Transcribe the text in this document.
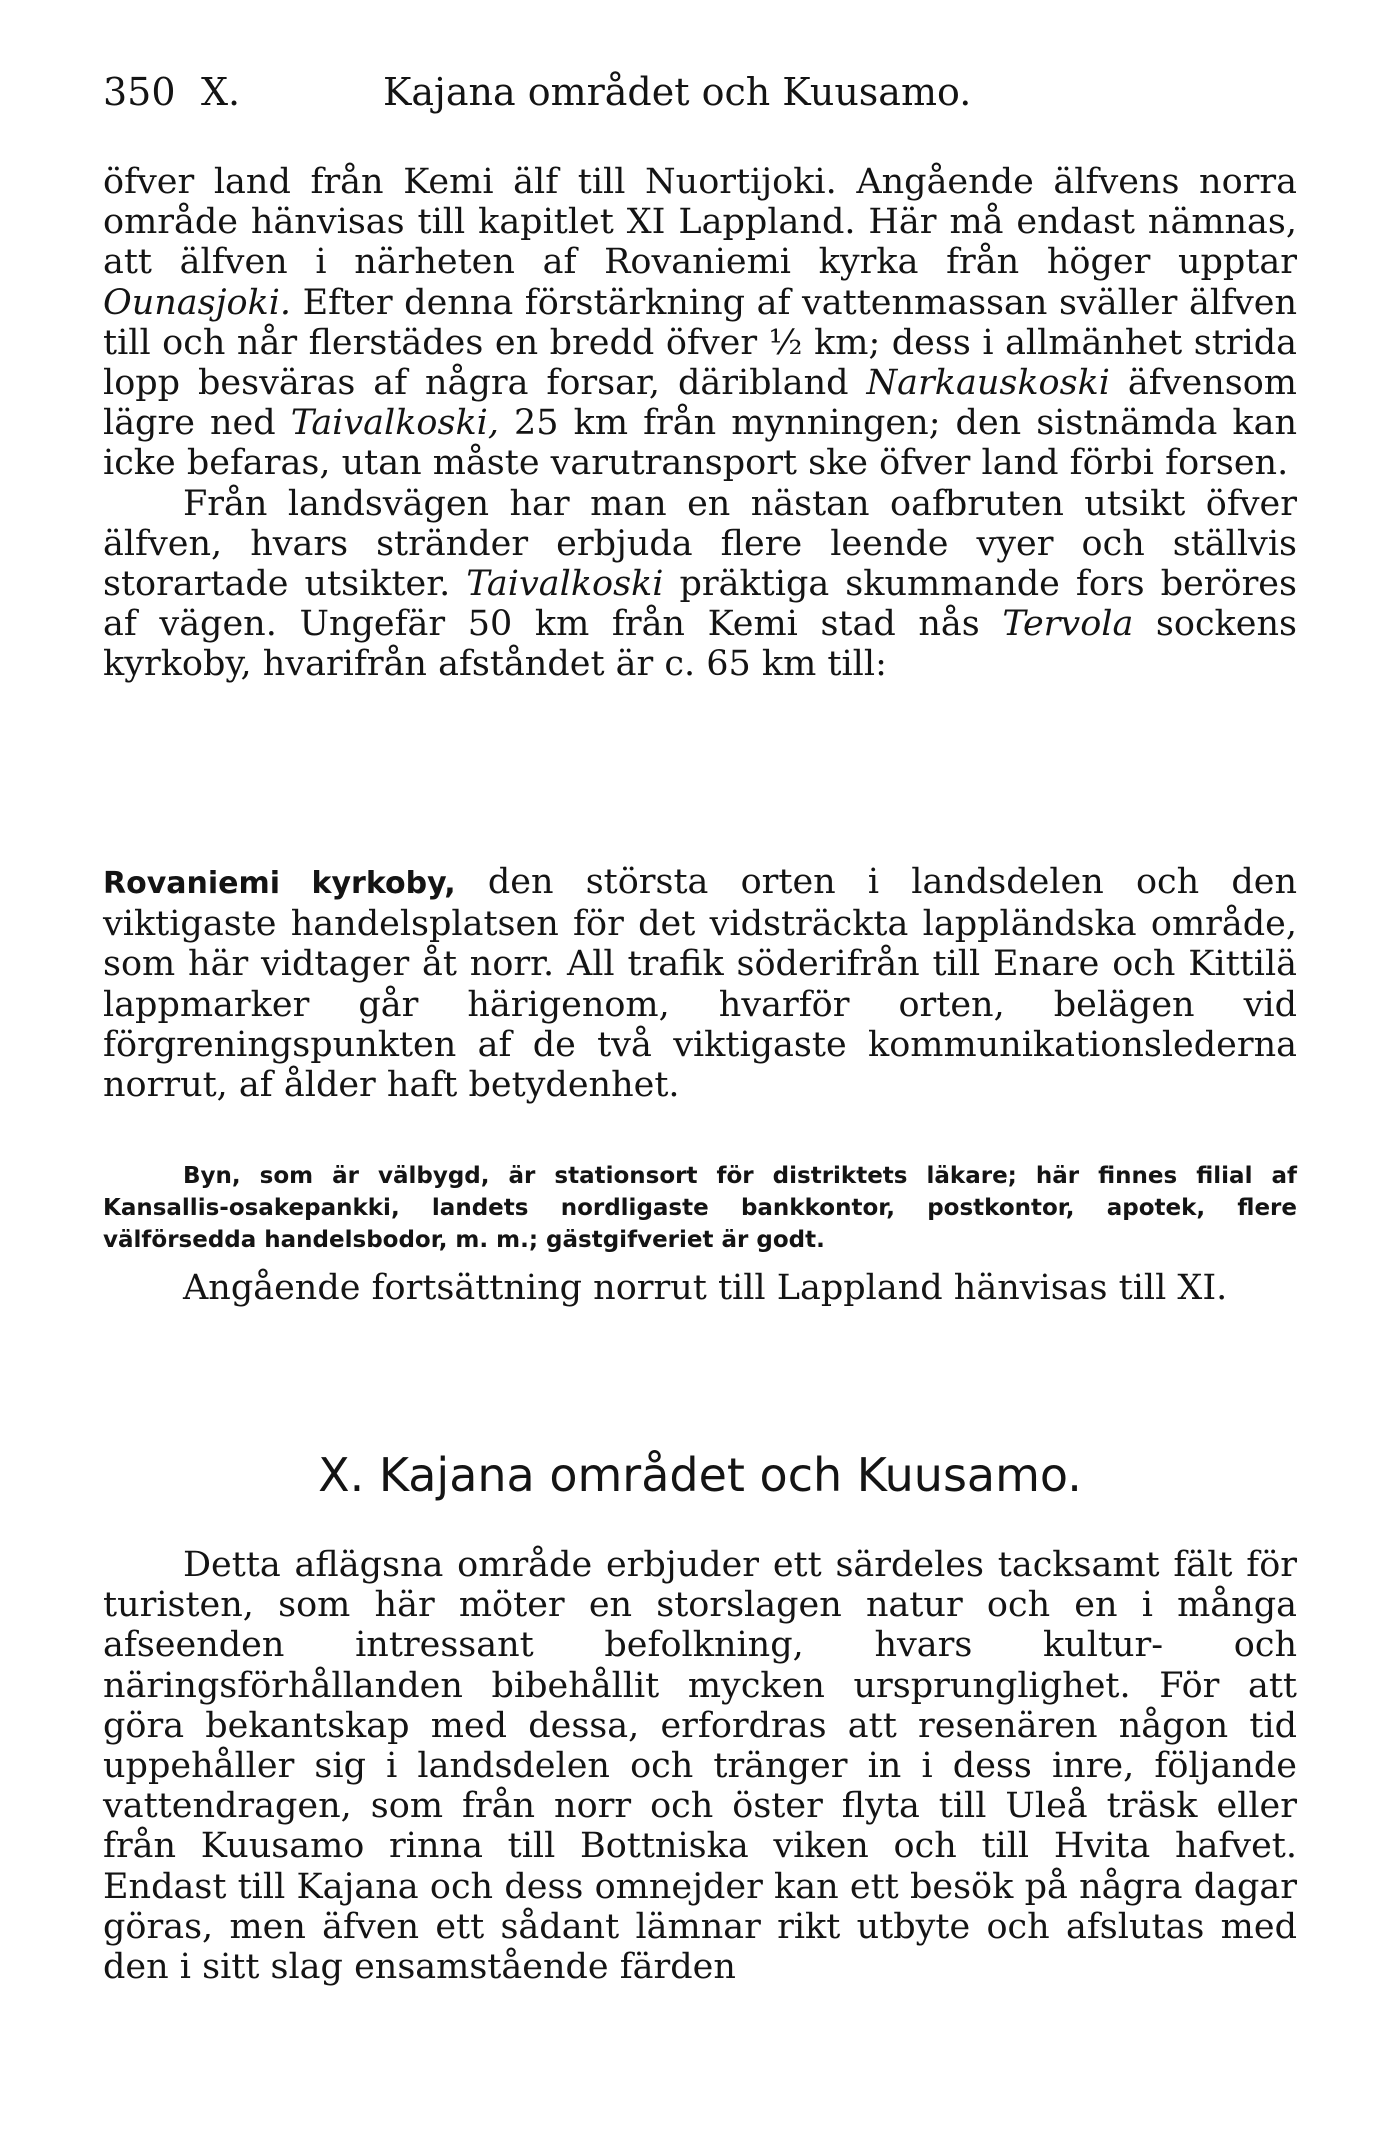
350 X.	Kajana området och Kuusamo.

öfver land från Kemi älf till Nuortijoki. Angående älfvens norra område hänvisas till kapitlet XI Lappland. Här må endast nämnas, att älfven i närheten af Rovaniemi kyrka från höger upptar Ounasjoki. Efter denna förstärkning af vattenmassan sväller älfven till och når flerstädes en bredd öfver ½ km; dess i allmänhet strida lopp besväras af några forsar, däribland Narkauskoski äfvensom lägre ned Taivalkoski, 25 km från mynningen; den sistnämda kan icke befaras, utan måste varutransport ske öfver land förbi forsen.

Från landsvägen har man en nästan oafbruten utsikt öfver älfven, hvars stränder erbjuda flere leende vyer och ställvis storartade utsikter. Taivalkoski präktiga skummande fors beröres af vägen. Ungefär 50 km från Kemi stad nås Tervola sockens kyrkoby, hvarifrån afståndet är c. 65 km till:

Rovaniemi kyrkoby, den största orten i landsdelen och den viktigaste handelsplatsen för det vidsträckta lappländska område, som här vidtager åt norr. All trafik söderifrån till Enare och Kittilä lappmarker går härigenom, hvarför orten, belägen vid förgreningspunkten af de två viktigaste kommunikationslederna norrut, af ålder haft betydenhet.

Byn, som är välbygd, är stationsort för distriktets läkare; här finnes filial af Kansallis-osakepankki, landets nordligaste bankkontor, postkontor, apotek, flere välförsedda handelsbodor, m. m.; gästgifveriet är godt.

Angående fortsättning norrut till Lappland hänvisas till XI.

X. Kajana området och Kuusamo.

Detta aflägsna område erbjuder ett särdeles tacksamt fält för turisten, som här möter en storslagen natur och en i många afseenden intressant befolkning, hvars kultur- och näringsförhållanden bibehållit mycken ursprunglighet. För att göra bekantskap med dessa, erfordras att resenären någon tid uppehåller sig i landsdelen och tränger in i dess inre, följande vattendragen, som från norr och öster flyta till Uleå träsk eller från Kuusamo rinna till Bottniska viken och till Hvita hafvet. Endast till Kajana och dess omnejder kan ett besök på några dagar göras, men äfven ett sådant lämnar rikt utbyte och afslutas med den i sitt slag ensamstående färden
